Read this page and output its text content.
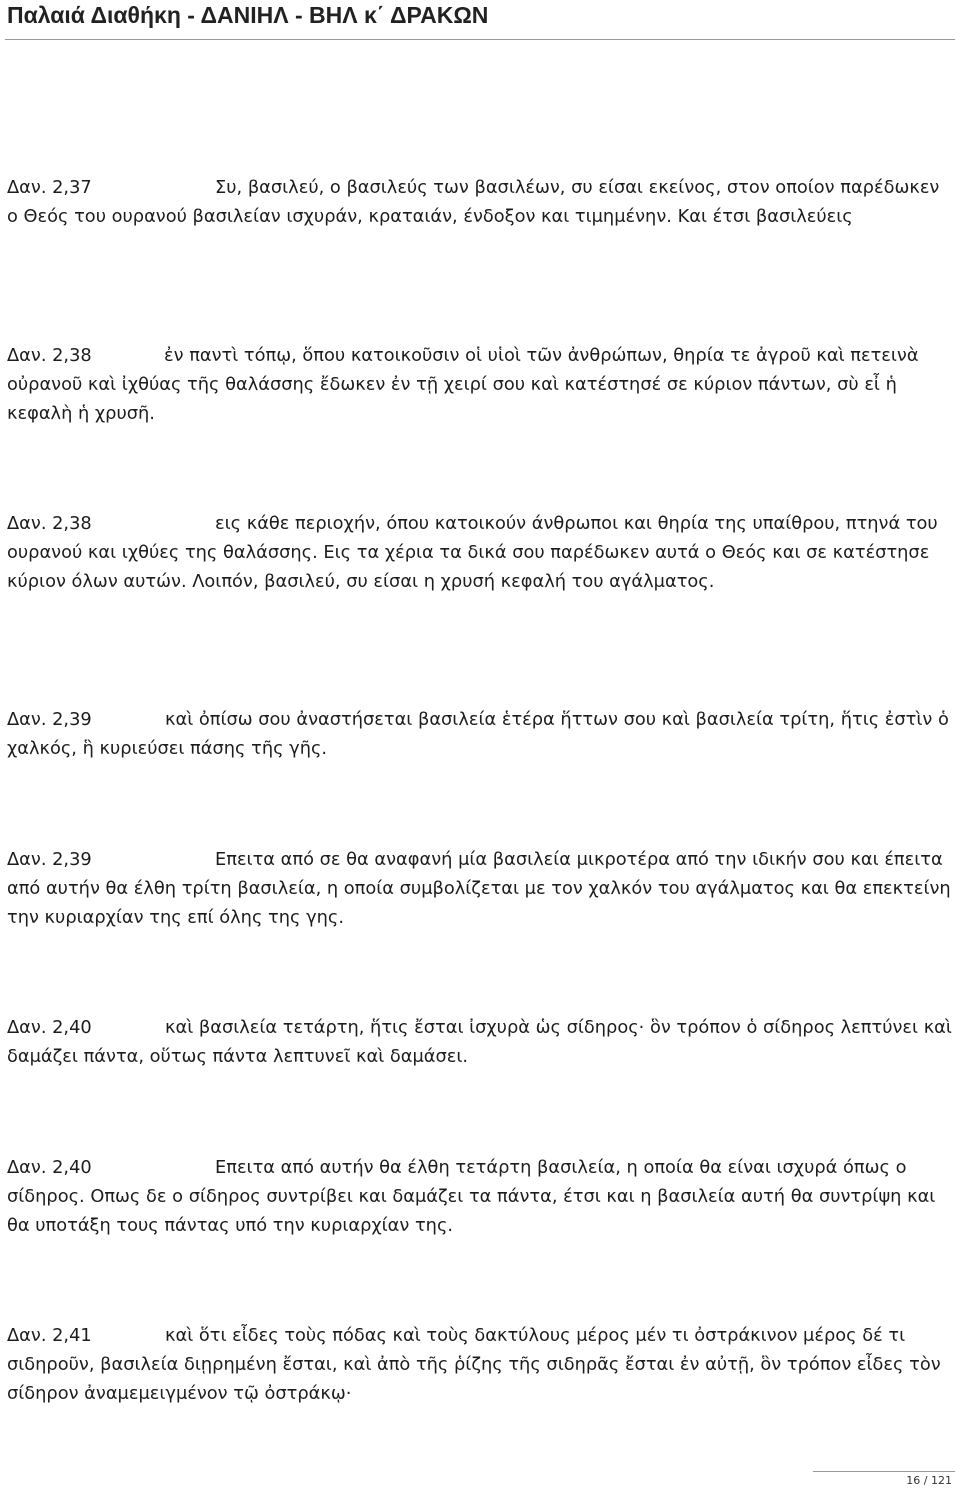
Παλαιά Διαθήκη - ΔΑΝΙΗΛ - ΒΗΛ κ΄ ΔΡΑΚΩΝ
Δαν. 2,37	Συ, βασιλεύ, ο βασιλεύς των βασιλέων, συ είσαι εκείνος, στον οποίον παρέδωκεν ο Θεός του ουρανού βασιλείαν ισχυράν, κραταιάν, ένδοξον και τιμημένην. Και έτσι βασιλεύεις
Δαν. 2,38	ἐν παντὶ τόπῳ, ὅπου κατοικοῦσιν οἱ υἱοὶ τῶν ἀνθρώπων, θηρία τε ἀγροῦ καὶ πετεινὰ οὐρανοῦ καὶ ἰχθύας τῆς θαλάσσης ἔδωκεν ἐν τῇ χειρί σου καὶ κατέστησέ σε κύριον πάντων, σὺ εἶ ἡ κεφαλὴ ἡ χρυσῆ.
Δαν. 2,38	εις κάθε περιοχήν, όπου κατοικούν άνθρωποι και θηρία της υπαίθρου, πτηνά του ουρανού και ιχθύες της θαλάσσης. Εις τα χέρια τα δικά σου παρέδωκεν αυτά ο Θεός και σε κατέστησε κύριον όλων αυτών. Λοιπόν, βασιλεύ, συ είσαι η χρυσή κεφαλή του αγάλματος.
Δαν. 2,39	καὶ ὀπίσω σου ἀναστήσεται βασιλεία ἑτέρα ἥττων σου καὶ βασιλεία τρίτη, ἥτις ἐστὶν ὁ χαλκός, ἣ κυριεύσει πάσης τῆς γῆς.
Δαν. 2,39	Επειτα από σε θα αναφανή μία βασιλεία μικροτέρα από την ιδικήν σου και έπειτα από αυτήν θα έλθη τρίτη βασιλεία, η οποία συμβολίζεται με τον χαλκόν του αγάλματος και θα επεκτείνη την κυριαρχίαν της επί όλης της γης.
Δαν. 2,40	καὶ βασιλεία τετάρτη, ἥτις ἔσται ἰσχυρὰ ὡς σίδηρος· ὃν τρόπον ὁ σίδηρος λεπτύνει καὶ δαμάζει πάντα, οὕτως πάντα λεπτυνεῖ καὶ δαμάσει.
Δαν. 2,40	Επειτα από αυτήν θα έλθη τετάρτη βασιλεία, η οποία θα είναι ισχυρά όπως ο σίδηρος. Οπως δε ο σίδηρος συντρίβει και δαμάζει τα πάντα, έτσι και η βασιλεία αυτή θα συντρίψη και θα υποτάξη τους πάντας υπό την κυριαρχίαν της.
Δαν. 2,41	καὶ ὅτι εἶδες τοὺς πόδας καὶ τοὺς δακτύλους μέρος μέν τι ὀστράκινον μέρος δέ τι σιδηροῦν, βασιλεία διῃρημένη ἔσται, καὶ ἀπὸ τῆς ῥίζης τῆς σιδηρᾶς ἔσται ἐν αὐτῇ, ὃν τρόπον εἶδες τὸν σίδηρον ἀναμεμειγμένον τῷ ὀστράκῳ·
16 / 121
